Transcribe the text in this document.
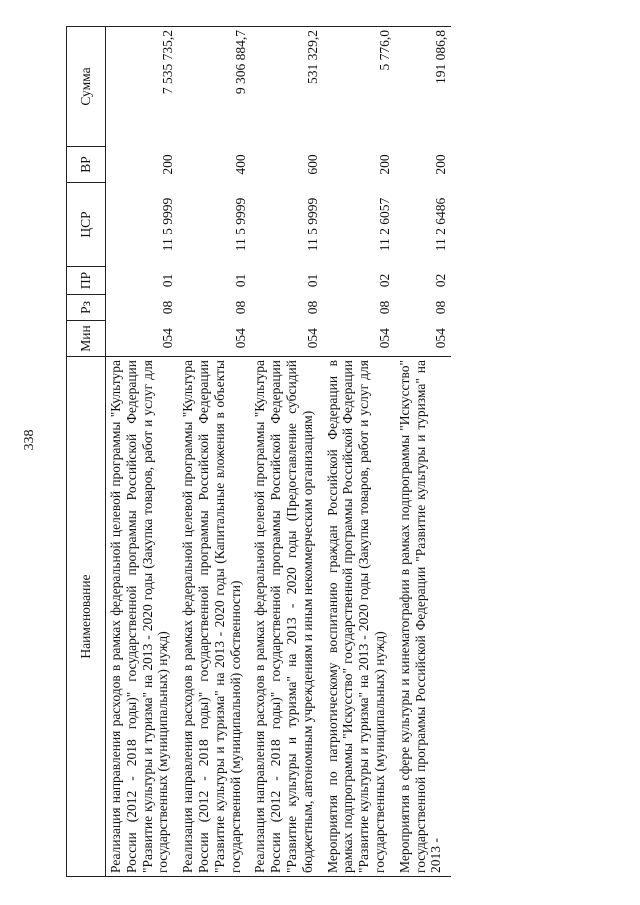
338
Наименование	Мин	Рз	ПР	ЦСР	ВР	Сумма
Реализация направления расходов в рамках федеральной целевой программы "Культура России (2012 - 2018 годы)" государственной программы Российской Федерации "Развитие культуры и туризма" на 2013 - 2020 годы (Закупка товаров, работ и услуг для государственных (муниципальных) нужд)	054	08	01	11 5 9999	200	7 535 735,2
Реализация направления расходов в рамках федеральной целевой программы "Культура России (2012 - 2018 годы)" государственной программы Российской Федерации "Развитие культуры и туризма" на 2013 - 2020 годы (Капитальные вложения в объекты государственной (муниципальной) собственности)	054	08	01	11 5 9999	400	9 306 884,7
Реализация направления расходов в рамках федеральной целевой программы "Культура России (2012 - 2018 годы)" государственной программы Российской Федерации "Развитие культуры и туризма" на 2013 - 2020 годы (Предоставление субсидий бюджетным, автономным учреждениям и иным некоммерческим организациям)	054	08	01	11 5 9999	600	531 329,2
Мероприятия по патриотическому воспитанию граждан Российской Федерации в рамках подпрограммы "Искусство" государственной программы Российской Федерации "Развитие культуры и туризма" на 2013 - 2020 годы (Закупка товаров, работ и услуг для государственных (муниципальных) нужд)	054	08	02	11 2 6057	200	5 776,0
Мероприятия в сфере культуры и кинематографии в рамках подпрограммы "Искусство" государственной программы Российской Федерации "Развитие культуры и туризма" на 2013 -	054	08	02	11 2 6486	200	191 086,8
